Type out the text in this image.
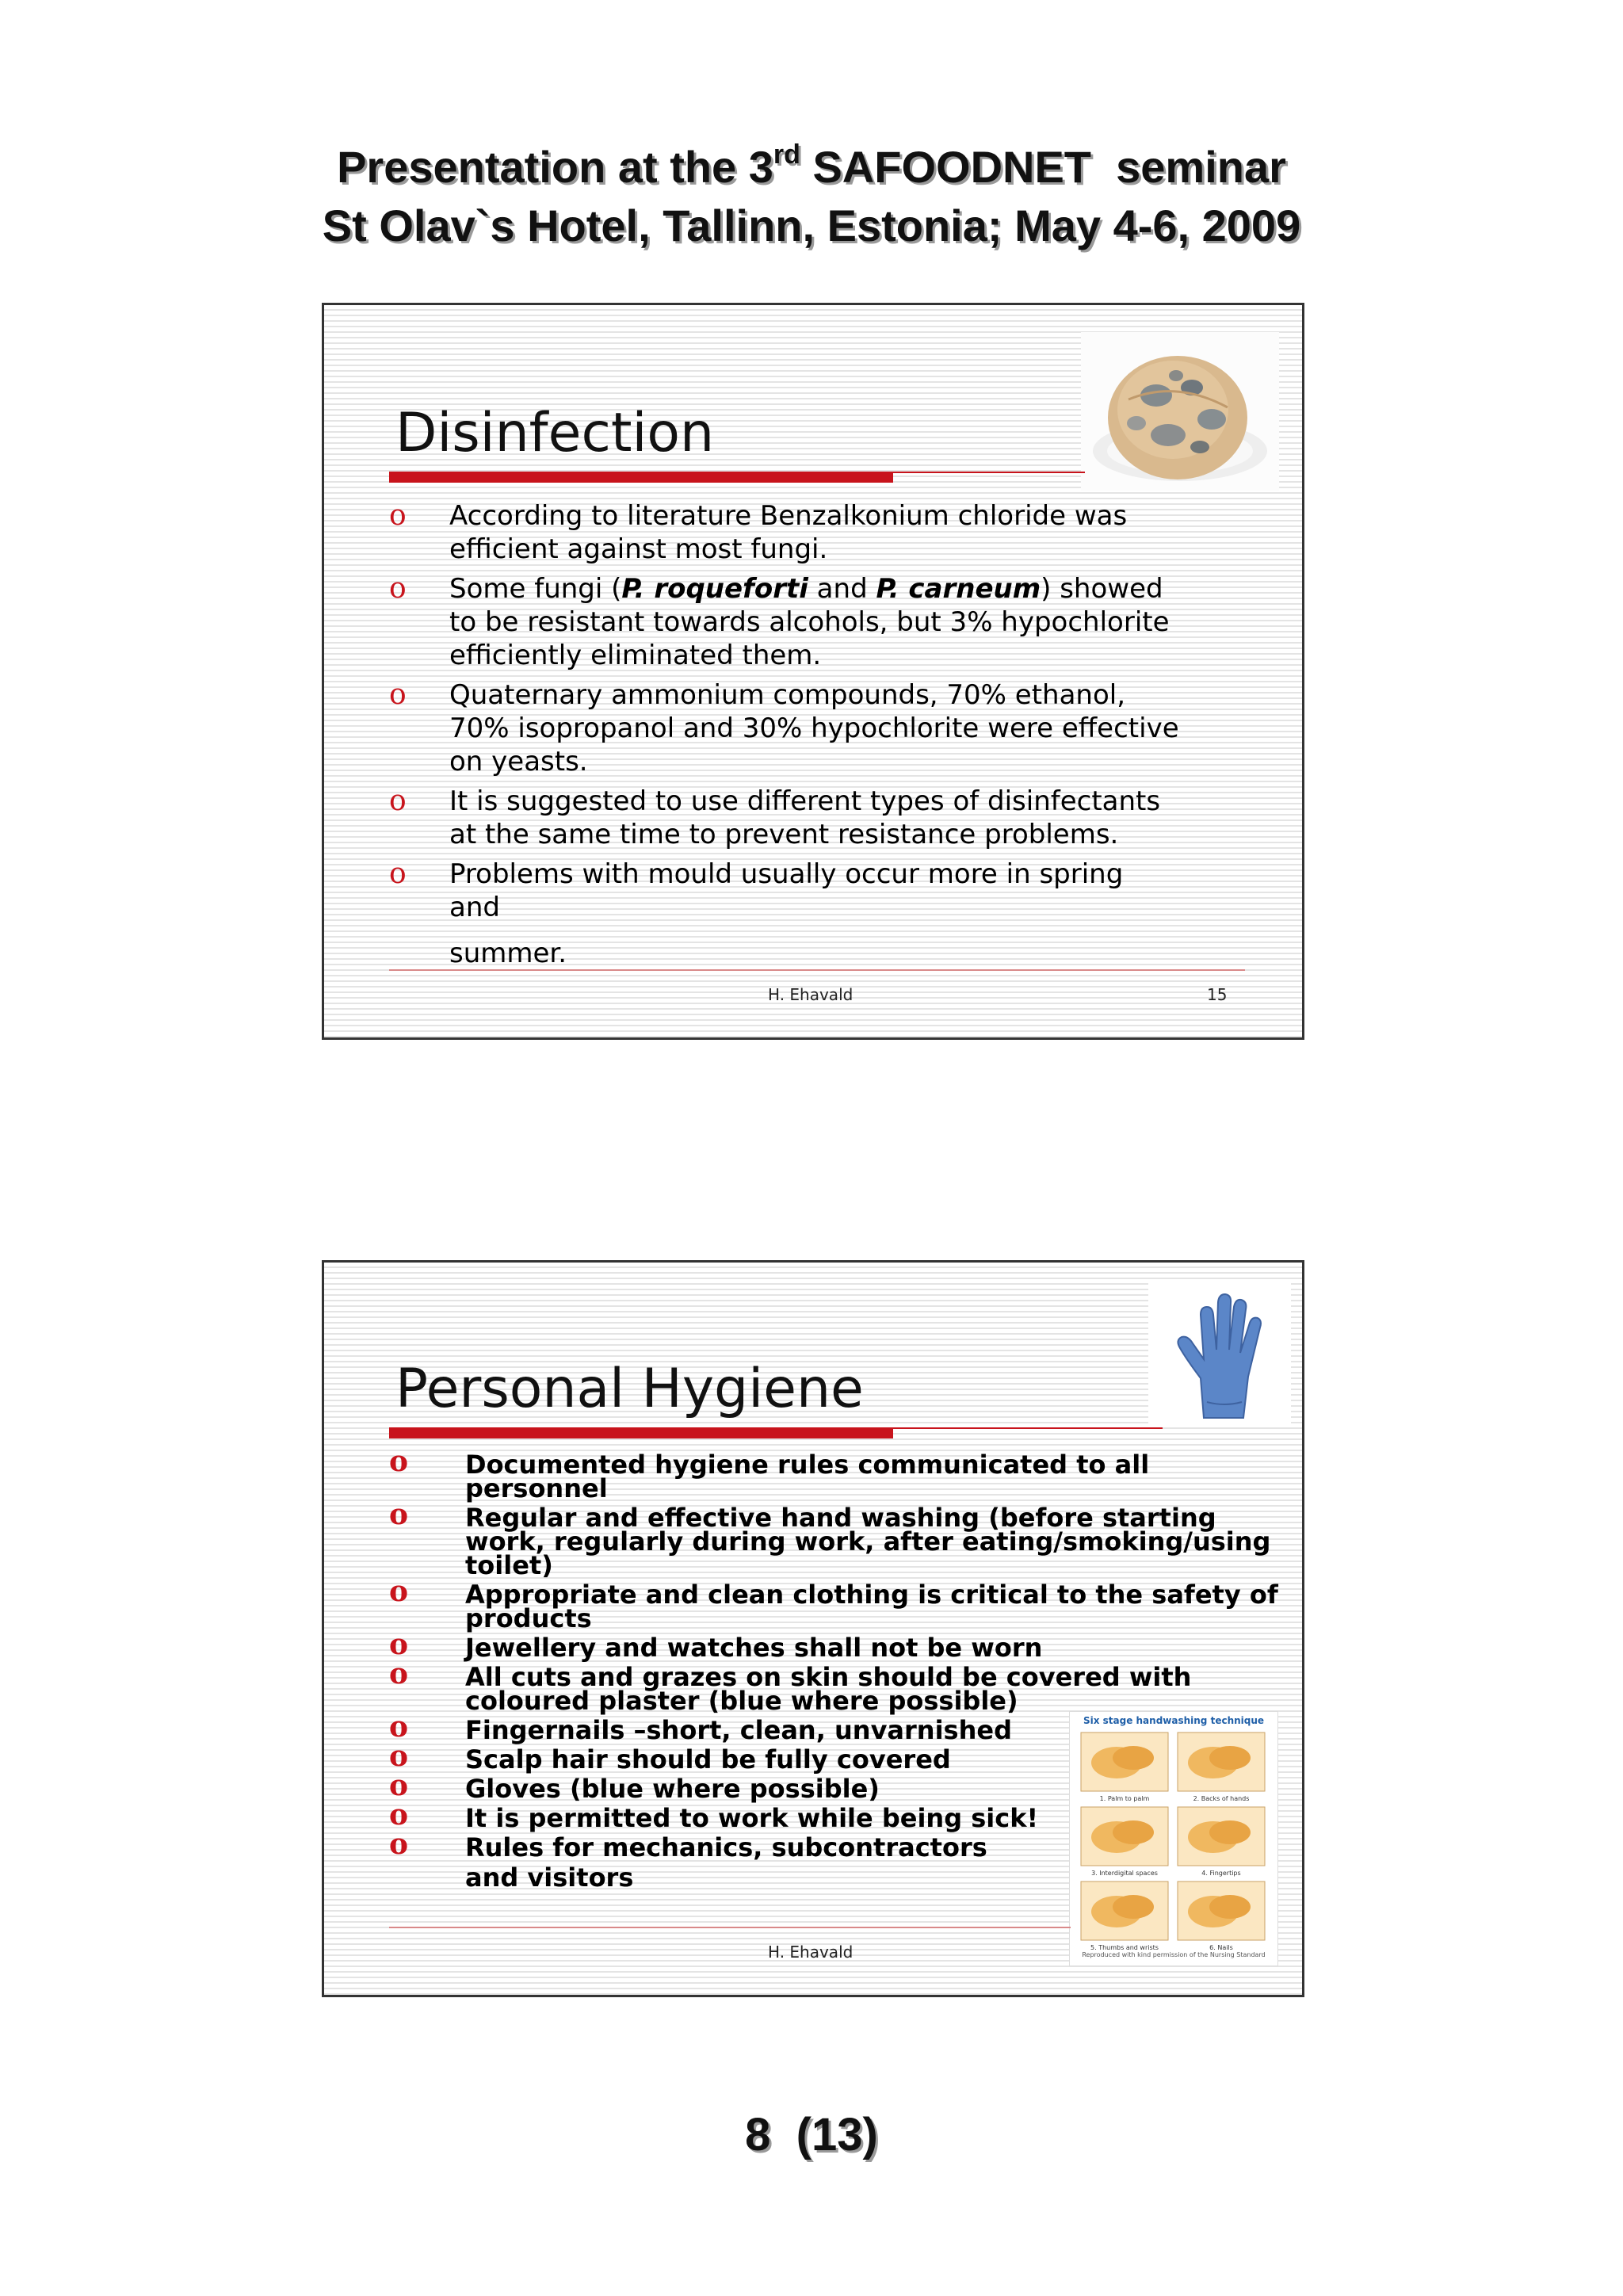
Presentation at the 3rd SAFOODNET  seminar
St Olav`s Hotel, Tallinn, Estonia; May 4-6, 2009
Disinfection
o According to literature Benzalkonium chloride was efficient against most fungi.
o Some fungi (P. roqueforti and P. carneum) showed to be resistant towards alcohols, but 3% hypochlorite efficiently eliminated them.
o Quaternary ammonium compounds, 70% ethanol, 70% isopropanol and 30% hypochlorite were effective on yeasts.
o It is suggested to use different types of disinfectants at the same time to prevent resistance problems.
o Problems with mould usually occur more in spring and
summer.
H. Ehavald	15
Personal Hygiene
o Documented hygiene rules communicated to all personnel
o Regular and effective hand washing (before starting work, regularly during work, after eating/smoking/using toilet)
o Appropriate and clean clothing is critical to the safety of products
o Jewellery and watches shall not be worn
o All cuts and grazes on skin should be covered with coloured plaster (blue where possible)
o Fingernails –short, clean, unvarnished
o Scalp hair should be fully covered
o Gloves (blue where possible)
o It is permitted to work while being sick!
o Rules for mechanics, subcontractors
and visitors
Six stage handwashing technique
1. Palm to palm	2. Backs of hands
3. Interdigital spaces	4. Fingertips
5. Thumbs and wrists	6. Nails
Reproduced with kind permission of the Nursing Standard
H. Ehavald
8  (13)
